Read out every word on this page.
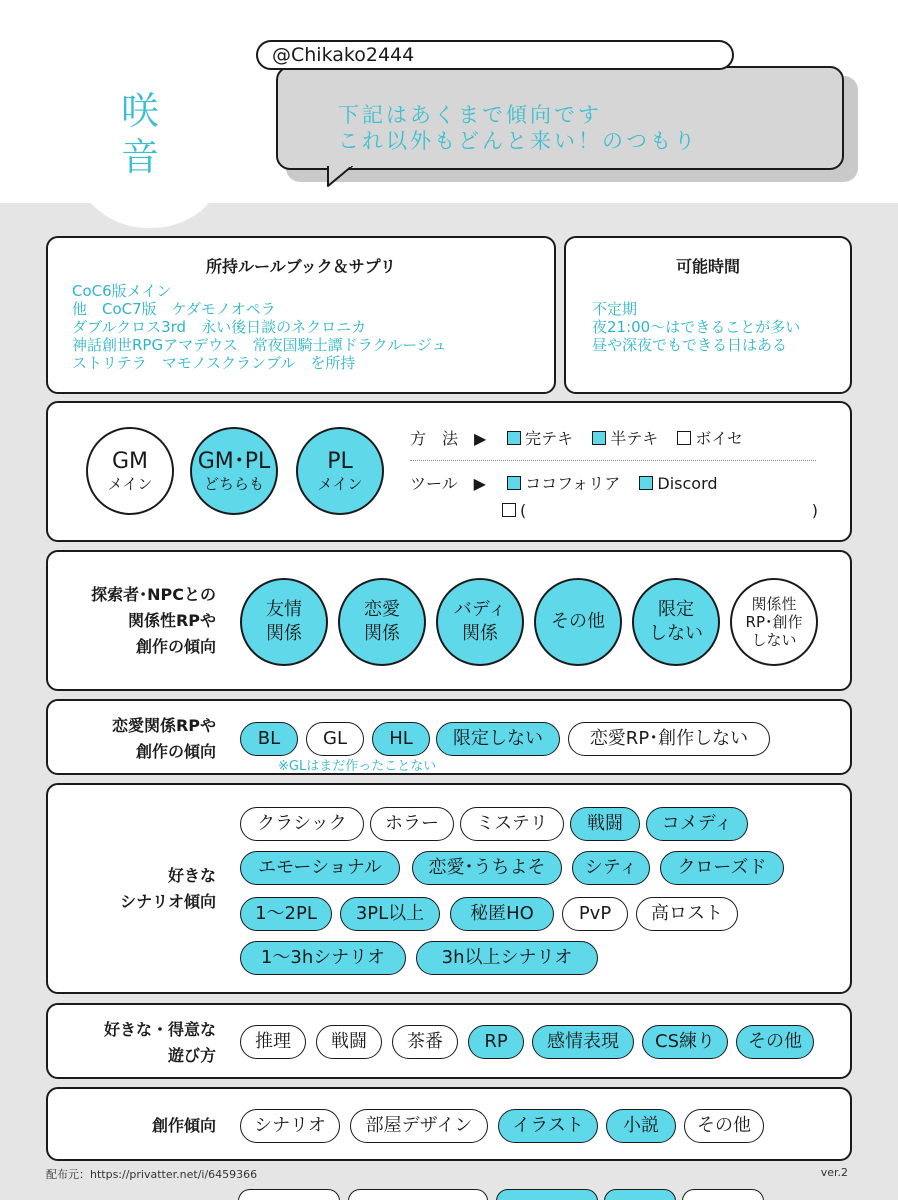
咲音
@Chikako2444
下記はあくまで傾向です
これ以外もどんと来い！のつもり
所持ルールブック＆サプリ
CoC6版メイン
他　CoC7版　ケダモノオペラ
ダブルクロス3rd　永い後日談のネクロニカ
神話創世RPGアマデウス　常夜国騎士譚ドラクルージュ
ストリテラ　マモノスクランブル　を所持
可能時間
不定期
夜21:00〜はできることが多い
昼や深夜でもできる日はある
GM
メイン
GM･PL
どちらも
PL
メイン
方　法　▶ 完テキ 半テキ ボイセ
ツール　▶ ココフォリア Discord
(	)
探索者･NPCとの
関係性RPや
創作の傾向
友情
関係
恋愛
関係
バディ
関係
その他
限定
しない
関係性
RP･創作
しない
恋愛関係RPや
創作の傾向
BL	GL	HL	限定しない	恋愛RP･創作しない
※GLはまだ作ったことない
好きな
シナリオ傾向
クラシック	ホラー	ミステリ	戦闘	コメディ
エモーショナル	恋愛･うちよそ	シティ	クローズド
1〜2PL	3PL以上	秘匿HO	PvP	高ロスト
1〜3hシナリオ	3h以上シナリオ
好きな・得意な
遊び方
推理	戦闘	茶番	RP	感情表現	CS練り	その他
創作傾向	シナリオ	部屋デザイン	イラスト	小説	その他
配布元：https://privatter.net/i/6459366	ver.2
